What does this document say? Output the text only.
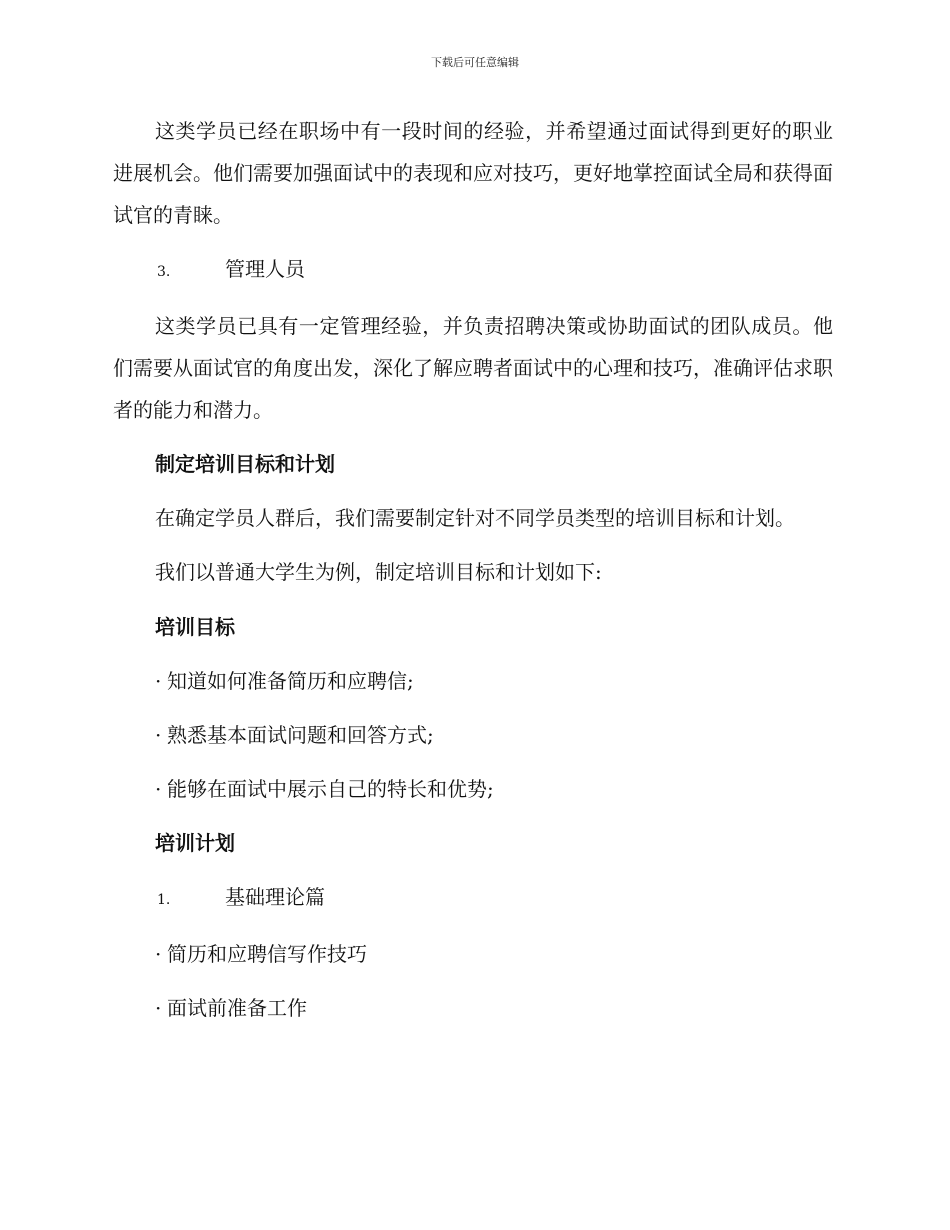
下载后可任意编辑

这类学员已经在职场中有一段时间的经验，并希望通过面试得到更好的职业进展机会。他们需要加强面试中的表现和应对技巧，更好地掌控面试全局和获得面试官的青睐。

3.	管理人员

这类学员已具有一定管理经验，并负责招聘决策或协助面试的团队成员。他们需要从面试官的角度出发，深化了解应聘者面试中的心理和技巧，准确评估求职者的能力和潜力。

制定培训目标和计划

在确定学员人群后，我们需要制定针对不同学员类型的培训目标和计划。

我们以普通大学生为例，制定培训目标和计划如下:

培训目标
· 知道如何准备简历和应聘信;
· 熟悉基本面试问题和回答方式;
· 能够在面试中展示自己的特长和优势;
培训计划
1.	基础理论篇
· 简历和应聘信写作技巧
· 面试前准备工作
